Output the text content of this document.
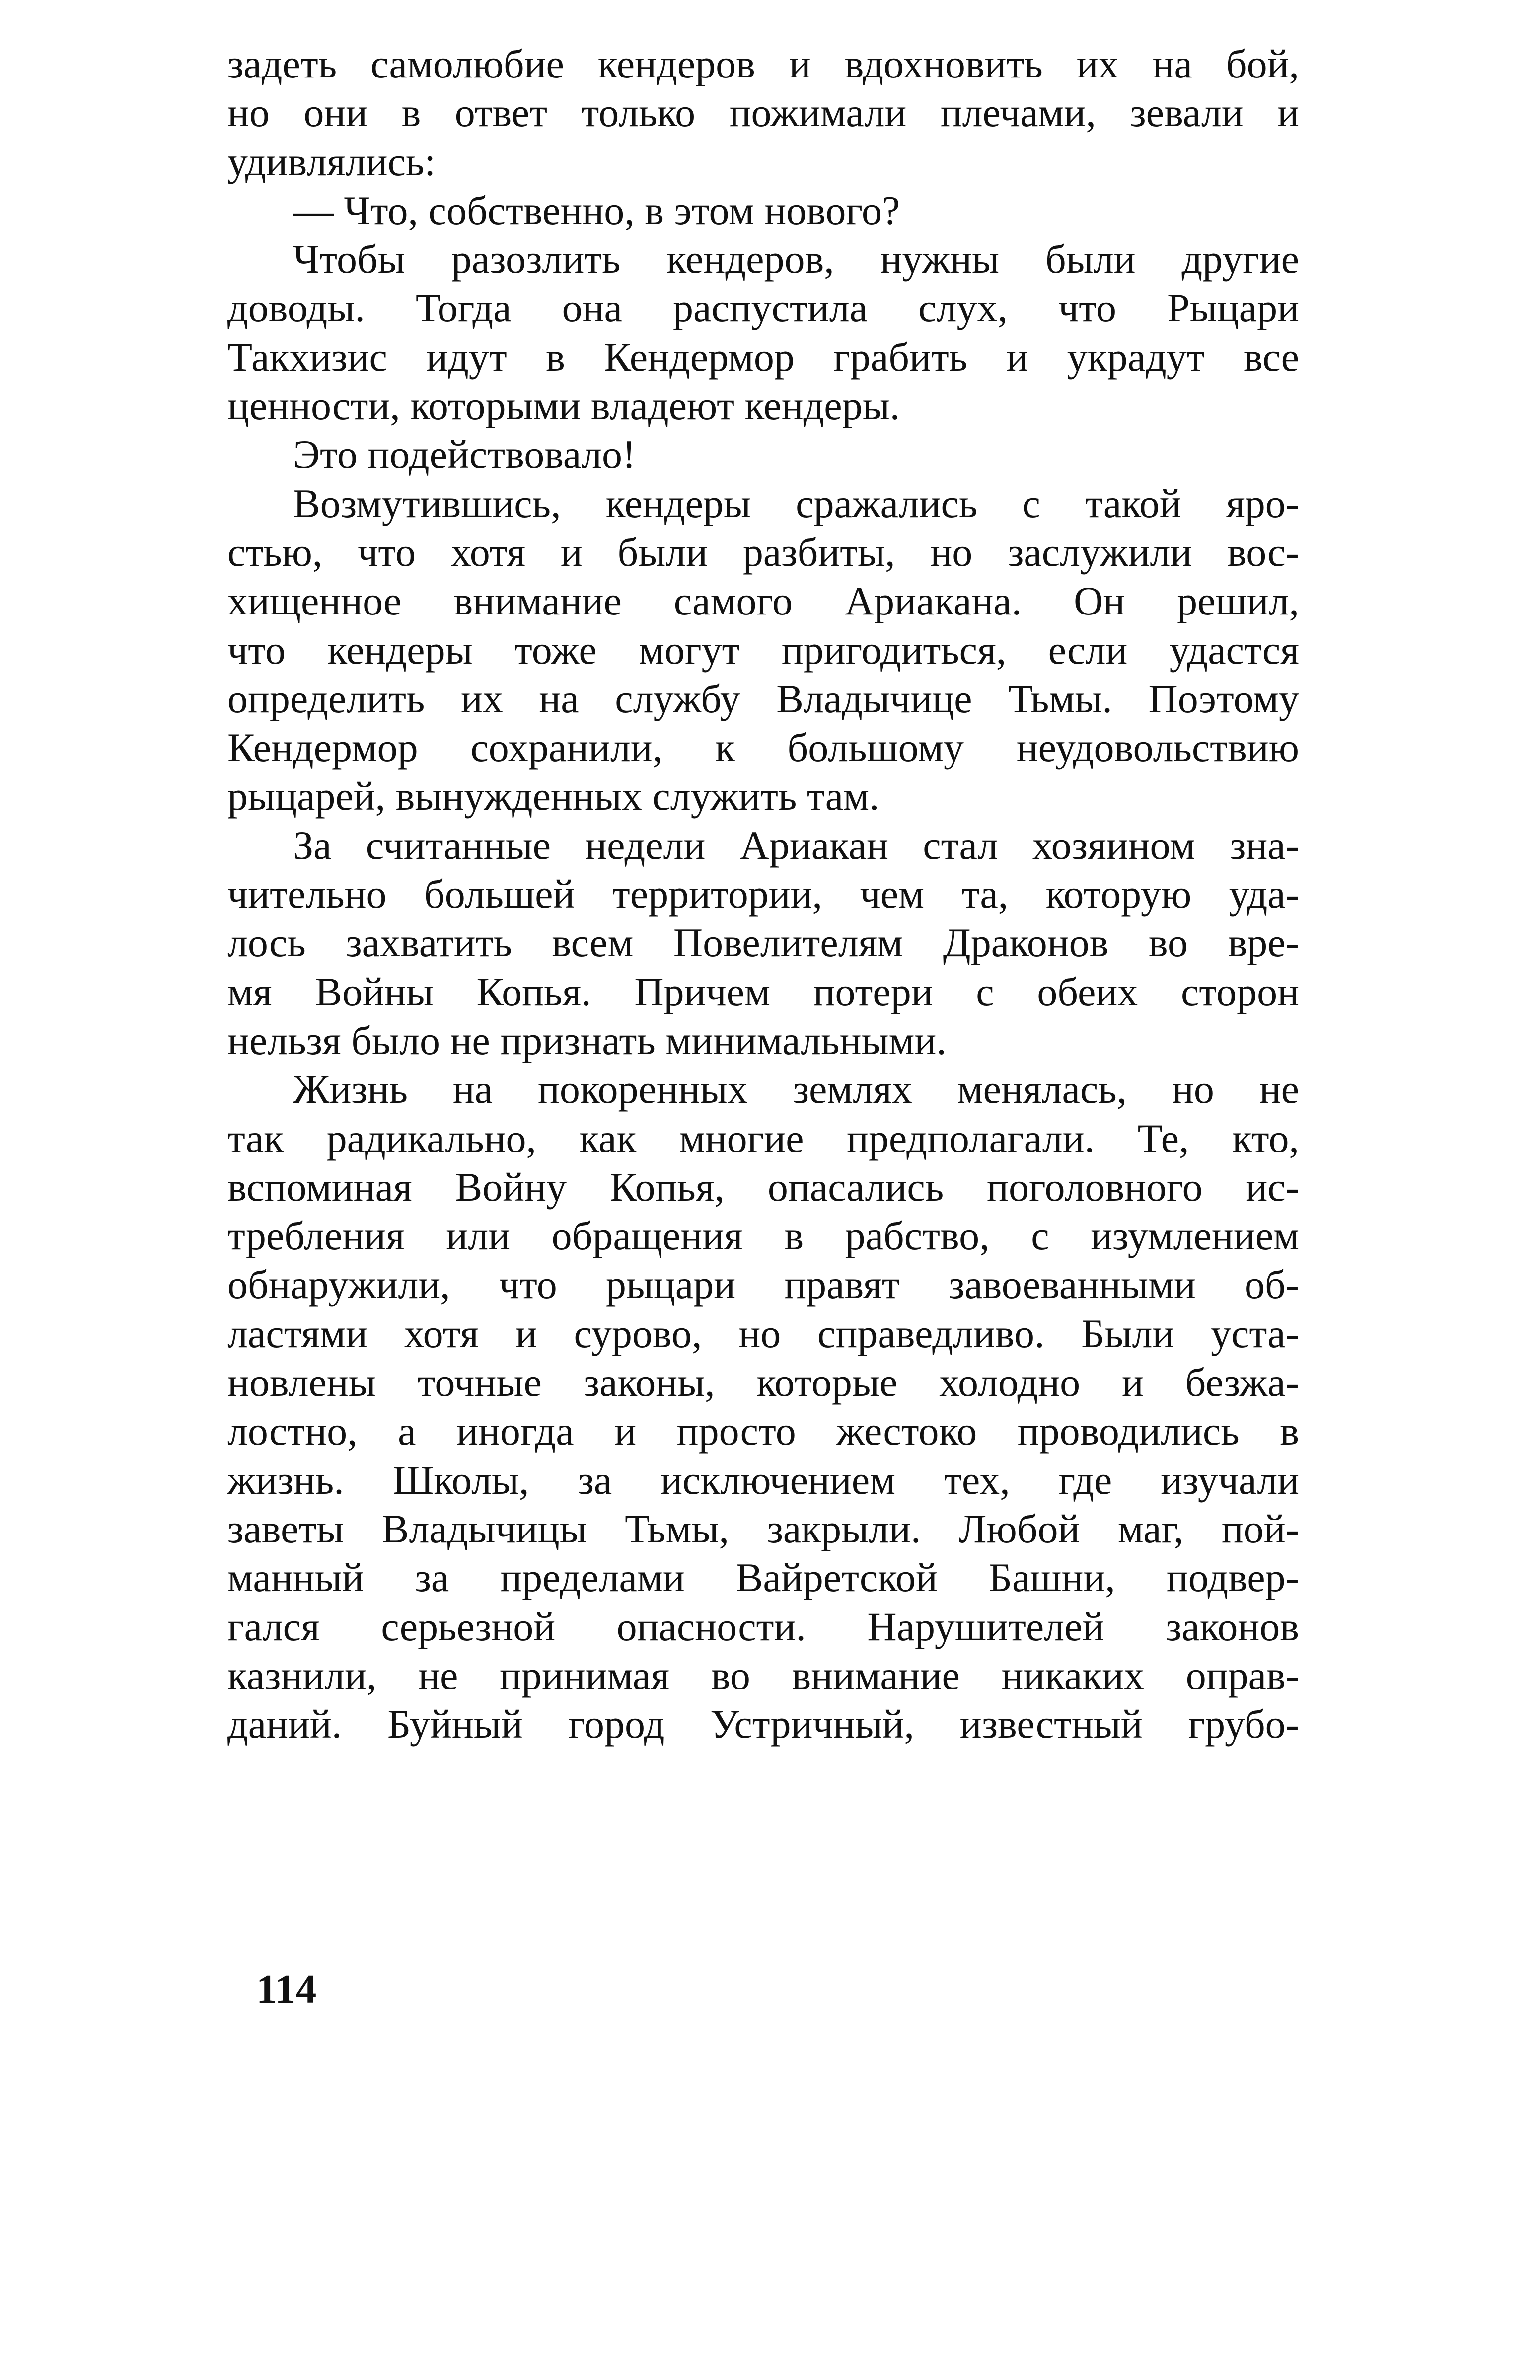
задеть самолюбие кендеров и вдохновить их на бой,
но они в ответ только пожимали плечами, зевали и
удивлялись:
— Что, собственно, в этом нового?
Чтобы разозлить кендеров, нужны были другие
доводы. Тогда она распустила слух, что Рыцари
Такхизис идут в Кендермор грабить и украдут все
ценности, которыми владеют кендеры.
Это подействовало!
Возмутившись, кендеры сражались с такой яро-
стью, что хотя и были разбиты, но заслужили вос-
хищенное внимание самого Ариакана. Он решил,
что кендеры тоже могут пригодиться, если удастся
определить их на службу Владычице Тьмы. Поэтому
Кендермор сохранили, к большому неудовольствию
рыцарей, вынужденных служить там.
За считанные недели Ариакан стал хозяином зна-
чительно большей территории, чем та, которую уда-
лось захватить всем Повелителям Драконов во вре-
мя Войны Копья. Причем потери с обеих сторон
нельзя было не признать минимальными.
Жизнь на покоренных землях менялась, но не
так радикально, как многие предполагали. Те, кто,
вспоминая Войну Копья, опасались поголовного ис-
требления или обращения в рабство, с изумлением
обнаружили, что рыцари правят завоеванными об-
ластями хотя и сурово, но справедливо. Были уста-
новлены точные законы, которые холодно и безжа-
лостно, а иногда и просто жестоко проводились в
жизнь. Школы, за исключением тех, где изучали
заветы Владычицы Тьмы, закрыли. Любой маг, пой-
манный за пределами Вайретской Башни, подвер-
гался серьезной опасности. Нарушителей законов
казнили, не принимая во внимание никаких оправ-
даний. Буйный город Устричный, известный грубо-
114
